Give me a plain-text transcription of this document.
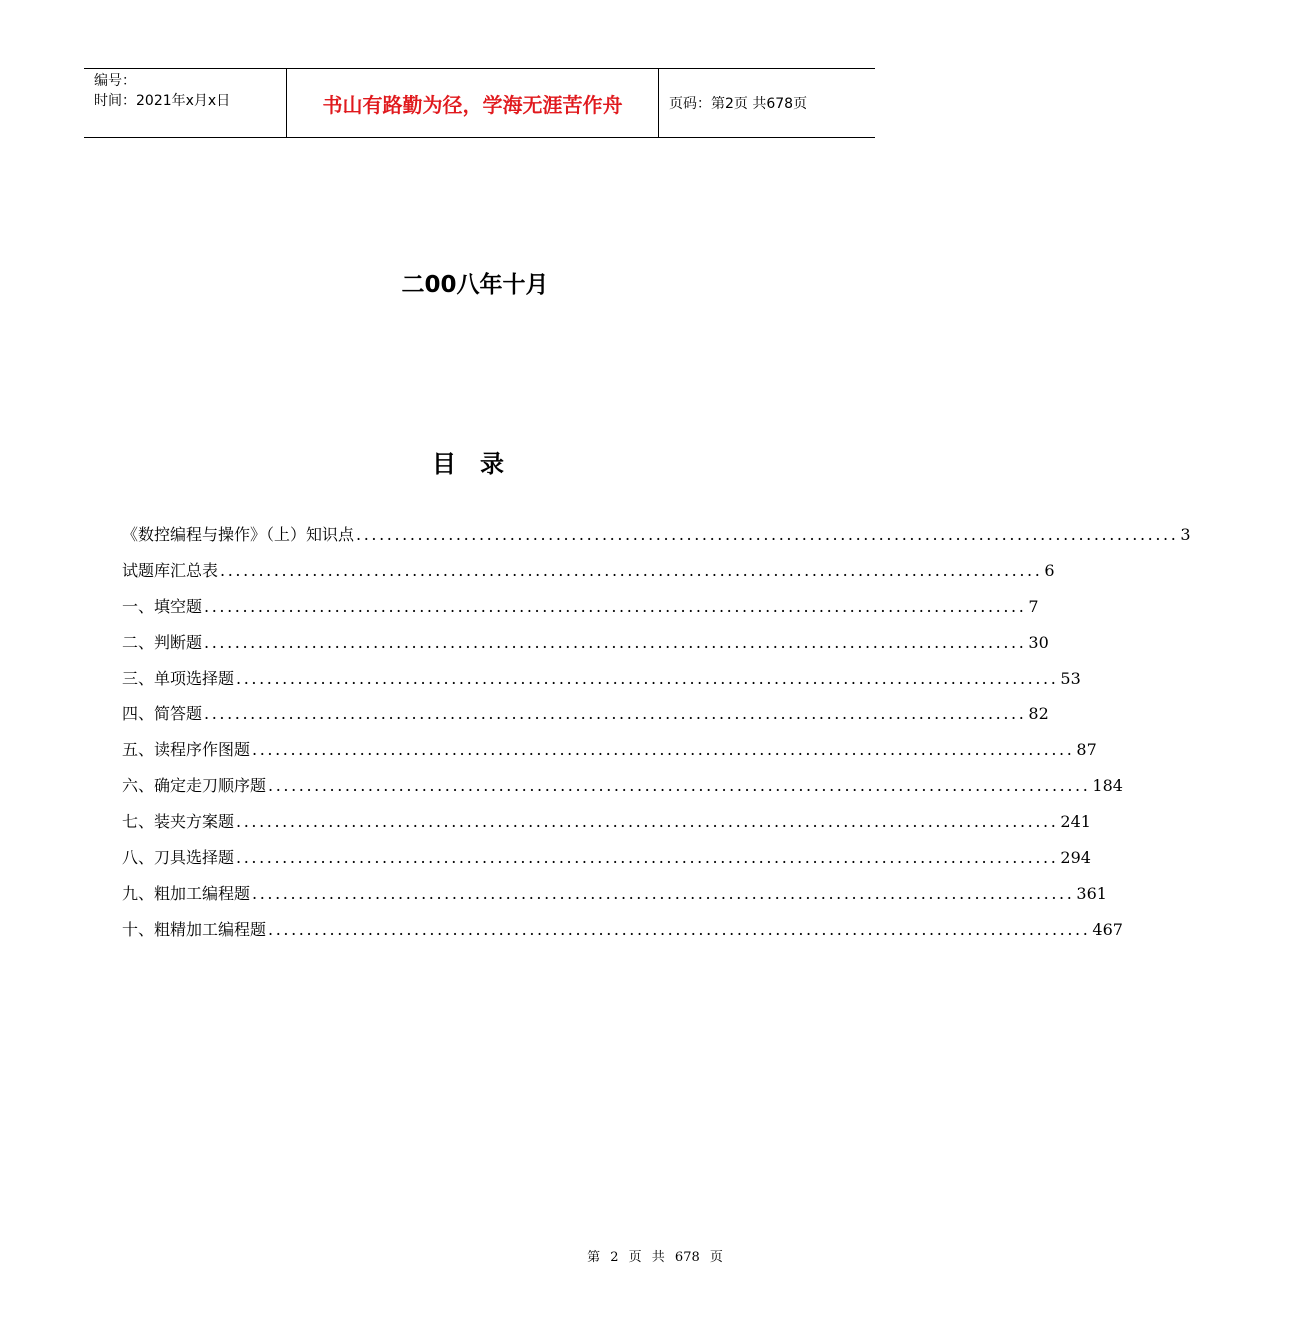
编号：
时间：2021年x月x日	书山有路勤为径，学海无涯苦作舟	页码：第2页 共678页
二00八年十月
目录
《数控编程与操作》（上）知识点 ........................................................................................................... 3
试题库汇总表 ........................................................................................................... 6
一、填空题 ........................................................................................................... 7
二、判断题 ........................................................................................................... 30
三、单项选择题 ........................................................................................................... 53
四、简答题 ........................................................................................................... 82
五、读程序作图题 ........................................................................................................... 87
六、确定走刀顺序题 ........................................................................................................... 184
七、装夹方案题 ........................................................................................................... 241
八、刀具选择题 ........................................................................................................... 294
九、粗加工编程题 ........................................................................................................... 361
十、粗精加工编程题 ........................................................................................................... 467
第 2 页 共 678 页
